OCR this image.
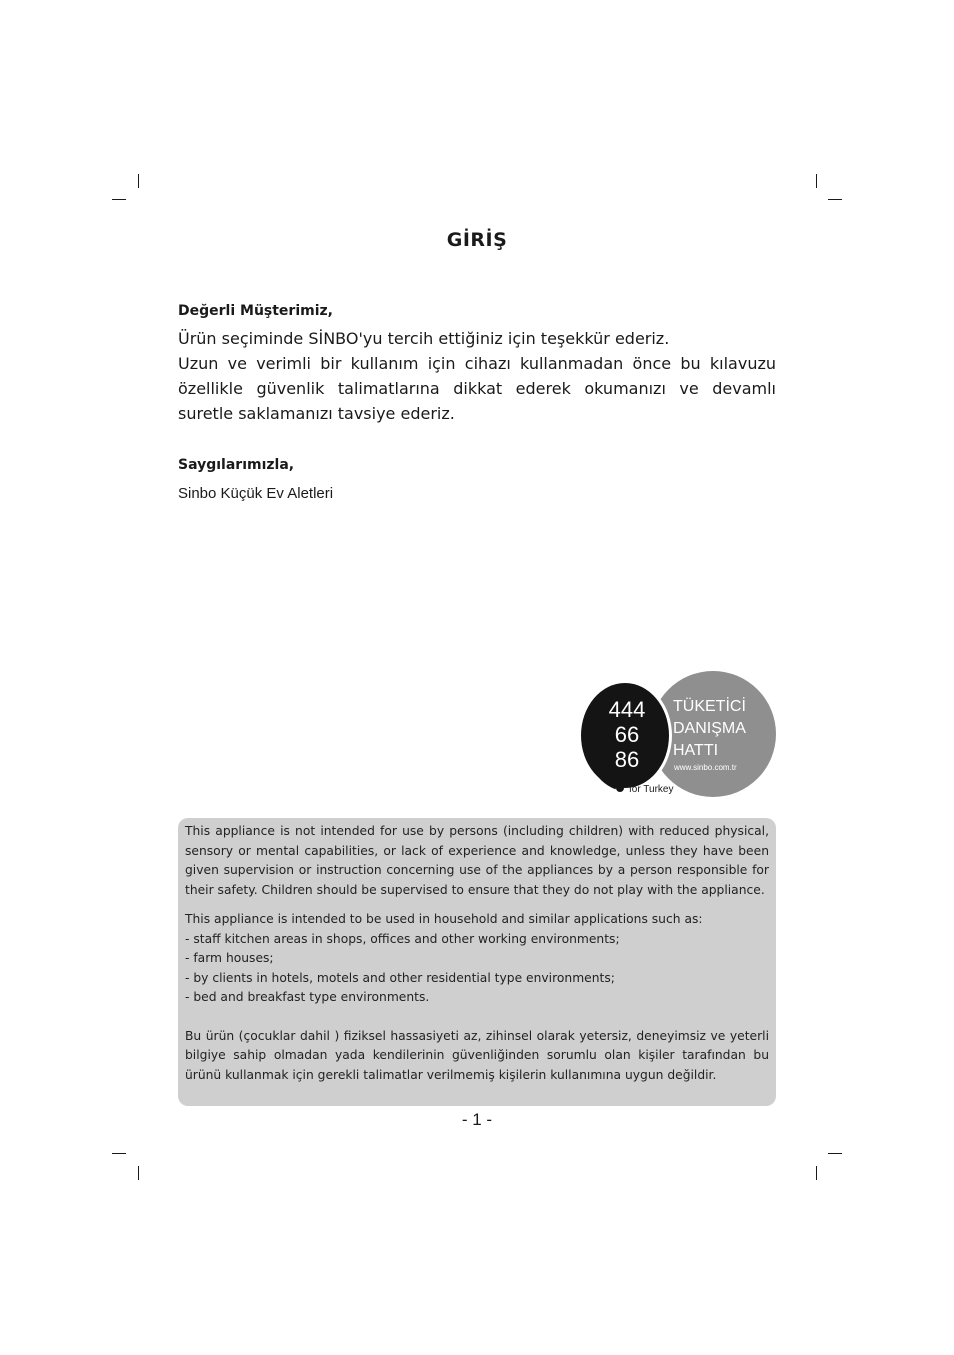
GİRİŞ
Değerli Müşterimiz,

Ürün seçiminde SİNBO'yu tercih ettiğiniz için teşekkür ederiz.

Uzun ve verimli bir kullanım için cihazı kullanmadan önce bu kılavuzu özellikle güvenlik talimatlarına dikkat ederek okumanızı ve devamlı suretle saklamanızı tavsiye ederiz.

Saygılarımızla,
Sinbo Küçük Ev Aletleri
444
66
86
TÜKETİCİ
DANIŞMA
HATTI
www.sinbo.com.tr
for Turkey

This appliance is not intended for use by persons (including children) with reduced physical, sensory or mental capabilities, or lack of experience and knowledge, unless they have been given supervision or instruction concerning use of the appliances by a person responsible for their safety. Children should be supervised to ensure that they do not play with the appliance.

This appliance is intended to be used in household and similar applications such as:
- staff kitchen areas in shops, offices and other working environments;
- farm houses;
- by clients in hotels, motels and other residential type environments;
- bed and breakfast type environments.

Bu ürün (çocuklar dahil ) fiziksel hassasiyeti az, zihinsel olarak yetersiz, deneyimsiz ve yeterli bilgiye sahip olmadan yada kendilerinin güvenliğinden sorumlu olan kişiler tarafından bu ürünü kullanmak için gerekli talimatlar verilmemiş kişilerin kullanımına uygun değildir.

- 1 -
